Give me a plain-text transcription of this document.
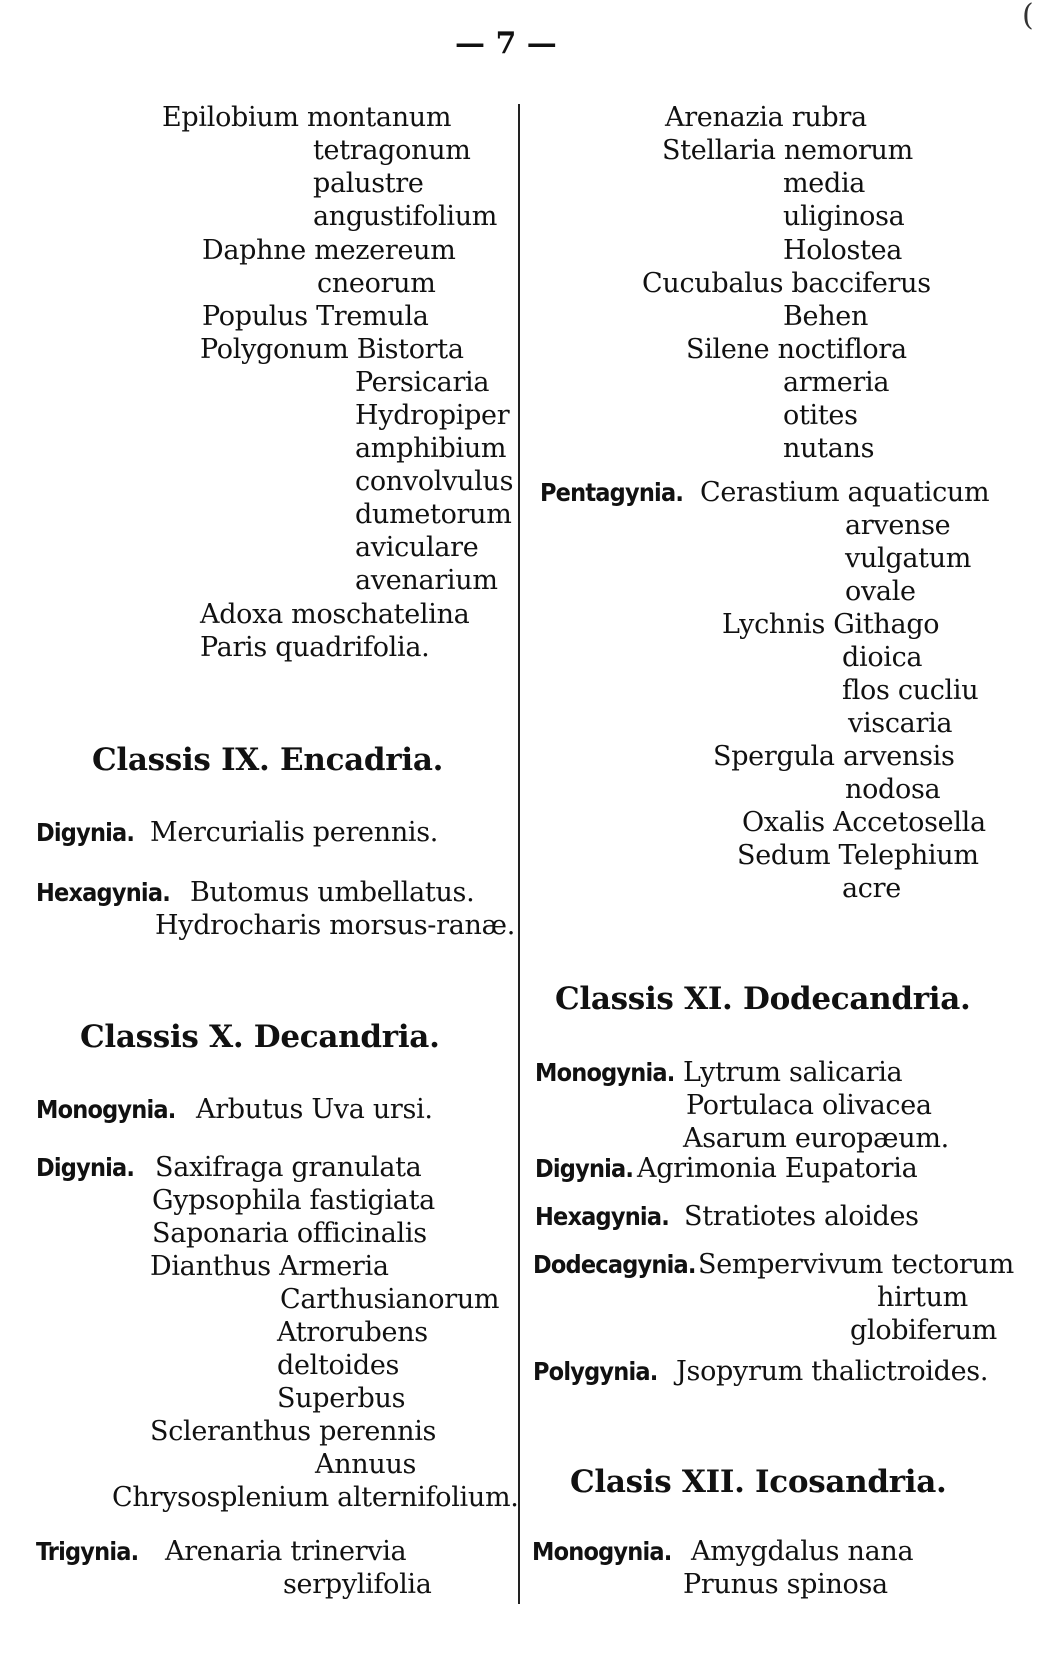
— 7 —
(
Epilobium montanum
tetragonum
palustre
angustifolium
Daphne mezereum
cneorum
Populus Tremula
Polygonum Bistorta
Persicaria
Hydropiper
amphibium
convolvulus
dumetorum
aviculare
avenarium
Adoxa moschatelina
Paris quadrifolia.
Classis IX. Encadria.
Digynia. Mercurialis perennis.
Hexagynia. Butomus umbellatus.
Hydrocharis morsus-ranæ.
Classis X. Decandria.
Monogynia. Arbutus Uva ursi.
Digynia. Saxifraga granulata
Gypsophila fastigiata
Saponaria officinalis
Dianthus Armeria
Carthusianorum
Atrorubens
deltoides
Superbus
Scleranthus perennis
Annuus
Chrysosplenium alternifolium.
Trigynia. Arenaria trinervia
serpylifolia
Arenazia rubra
Stellaria nemorum
media
uliginosa
Holostea
Cucubalus bacciferus
Behen
Silene noctiflora
armeria
otites
nutans
Pentagynia. Cerastium aquaticum
arvense
vulgatum
ovale
Lychnis Githago
dioica
flos cucliu
viscaria
Spergula arvensis
nodosa
Oxalis Accetosella
Sedum Telephium
acre
Classis XI. Dodecandria.
Monogynia. Lytrum salicaria
Portulaca olivacea
Asarum europæum.
Digynia. Agrimonia Eupatoria
Hexagynia. Stratiotes aloides
Dodecagynia. Sempervivum tectorum
hirtum
globiferum
Polygynia. Jsopyrum thalictroides.
Clasis XII. Icosandria.
Monogynia. Amygdalus nana
Prunus spinosa
